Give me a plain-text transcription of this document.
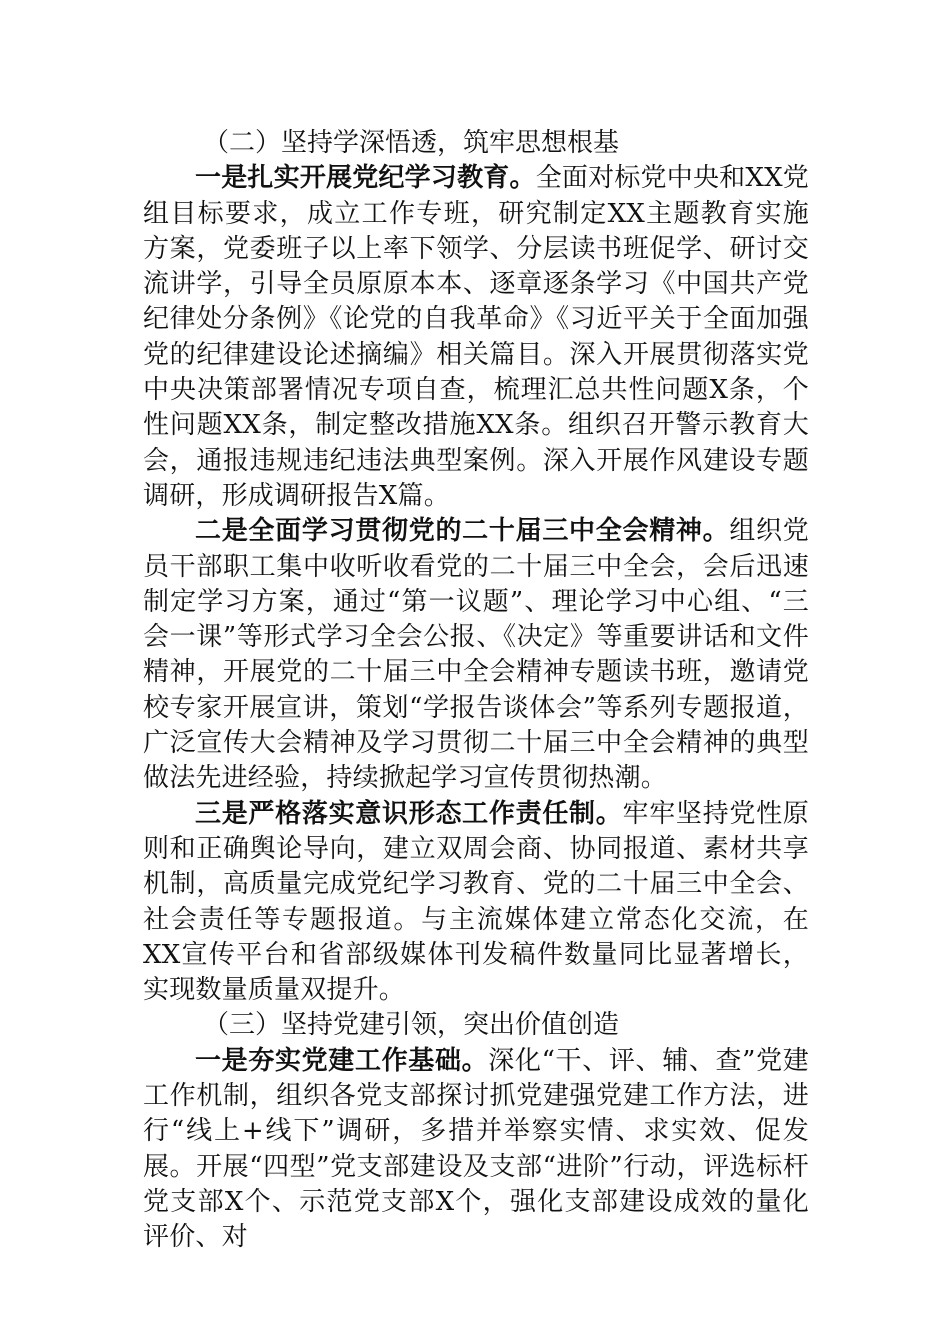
（二）坚持学深悟透，筑牢思想根基

一是扎实开展党纪学习教育。全面对标党中央和XX党组目标要求，成立工作专班，研究制定XX主题教育实施方案，党委班子以上率下领学、分层读书班促学、研讨交流讲学，引导全员原原本本、逐章逐条学习《中国共产党纪律处分条例》《论党的自我革命》《习近平关于全面加强党的纪律建设论述摘编》相关篇目。深入开展贯彻落实党中央决策部署情况专项自查，梳理汇总共性问题X条，个性问题XX条，制定整改措施XX条。组织召开警示教育大会，通报违规违纪违法典型案例。深入开展作风建设专题调研，形成调研报告X篇。

二是全面学习贯彻党的二十届三中全会精神。组织党员干部职工集中收听收看党的二十届三中全会，会后迅速制定学习方案，通过“第一议题”、理论学习中心组、“三会一课”等形式学习全会公报、《决定》等重要讲话和文件精神，开展党的二十届三中全会精神专题读书班，邀请党校专家开展宣讲，策划“学报告谈体会”等系列专题报道，广泛宣传大会精神及学习贯彻二十届三中全会精神的典型做法先进经验，持续掀起学习宣传贯彻热潮。

三是严格落实意识形态工作责任制。牢牢坚持党性原则和正确舆论导向，建立双周会商、协同报道、素材共享机制，高质量完成党纪学习教育、党的二十届三中全会、社会责任等专题报道。与主流媒体建立常态化交流，在XX宣传平台和省部级媒体刊发稿件数量同比显著增长，实现数量质量双提升。

（三）坚持党建引领，突出价值创造

一是夯实党建工作基础。深化“干、评、辅、查”党建工作机制，组织各党支部探讨抓党建强党建工作方法，进行“线上+线下”调研，多措并举察实情、求实效、促发展。开展“四型”党支部建设及支部“进阶”行动，评选标杆党支部X个、示范党支部X个，强化支部建设成效的量化评价、对
